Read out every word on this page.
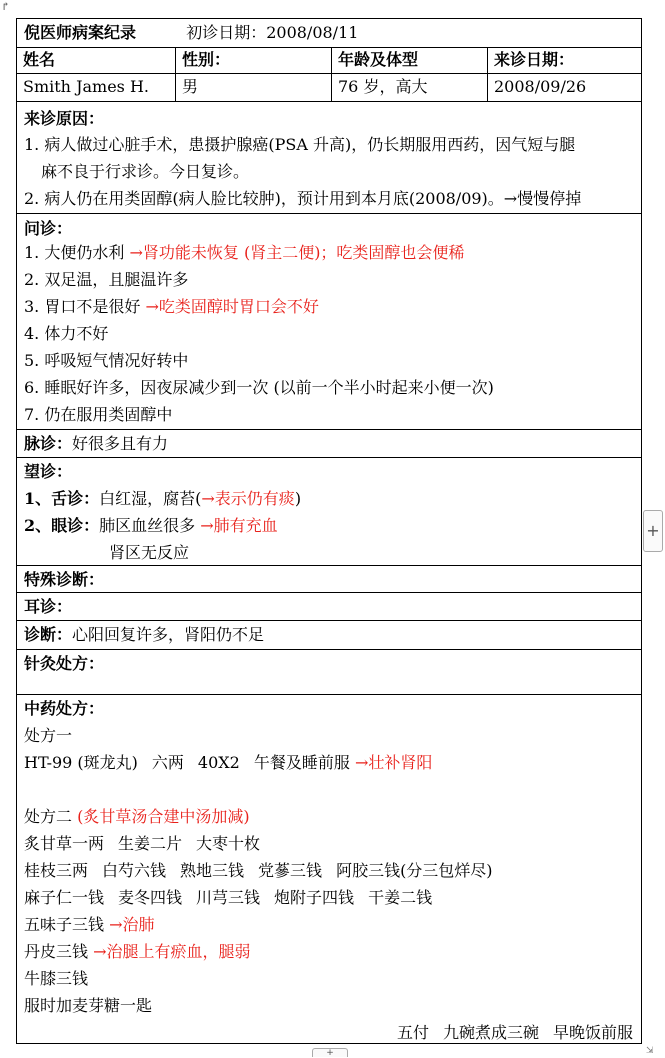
↱
倪医师病案纪录	初诊日期：2008/08/11
姓名	性别：	年龄及体型	来诊日期：
Smith James H.	男	76 岁，高大	2008/09/26
来诊原因：
1. 病人做过心脏手术，患摄护腺癌(PSA 升高)，仍长期服用西药，因气短与腿
麻不良于行求诊。今日复诊。
2. 病人仍在用类固醇(病人脸比较肿)，预计用到本月底(2008/09)。→慢慢停掉
问诊：
1. 大便仍水利 →肾功能未恢复 (肾主二便)；吃类固醇也会便稀
2. 双足温，且腿温许多
3. 胃口不是很好 →吃类固醇时胃口会不好
4. 体力不好
5. 呼吸短气情况好转中
6. 睡眠好许多，因夜尿减少到一次 (以前一个半小时起来小便一次)
7. 仍在服用类固醇中
脉诊：好很多且有力
望诊：
1、舌诊：白红湿，腐苔(→表示仍有痰)
2、眼诊：肺区血丝很多 →肺有充血
肾区无反应
特殊诊断：
耳诊：
诊断：心阳回复许多，肾阳仍不足
针灸处方：
中药处方：
处方一
HT-99 (斑龙丸) 六两 40X2 午餐及睡前服 →壮补肾阳
处方二 (炙甘草汤合建中汤加减)
炙甘草一两 生姜二片 大枣十枚
桂枝三两 白芍六钱 熟地三钱 党蔘三钱 阿胶三钱(分三包烊尽)
麻子仁一钱 麦冬四钱 川芎三钱 炮附子四钱 干姜二钱
五味子三钱 →治肺
丹皮三钱 →治腿上有瘀血，腿弱
牛膝三钱
服时加麦芽糖一匙
五付 九碗煮成三碗 早晚饭前服
+
+	⇲
